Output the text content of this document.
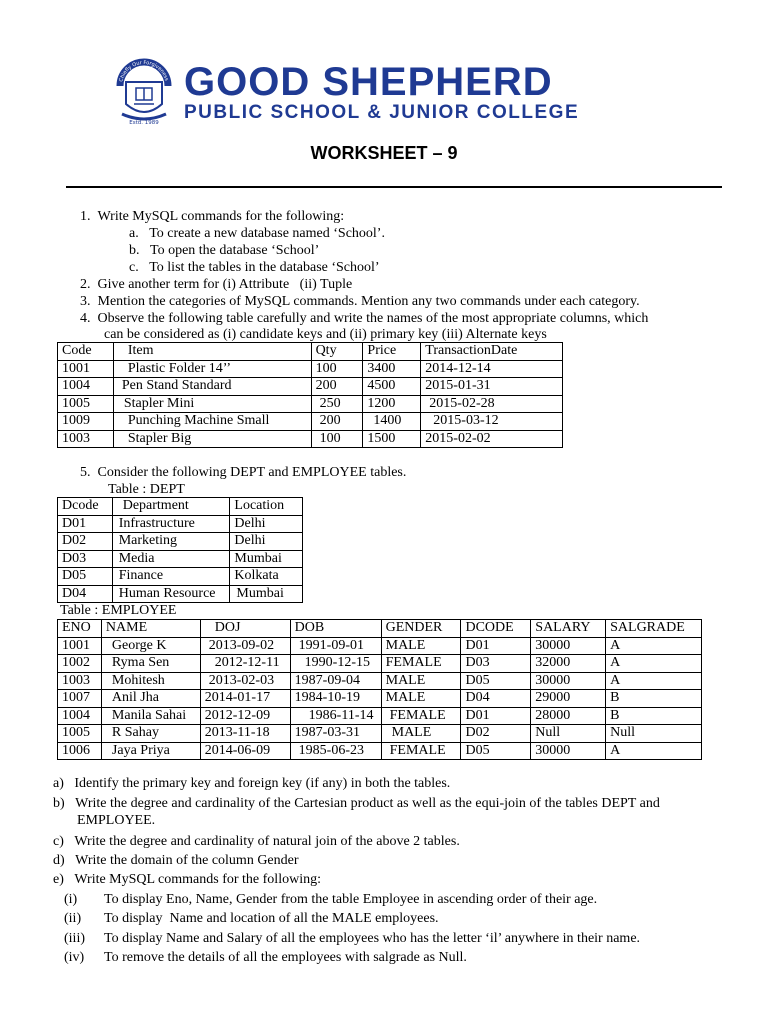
Chiefly Our Forgiveness
Estd. 1989
GOOD SHEPHERD
PUBLIC SCHOOL & JUNIOR COLLEGE
WORKSHEET – 9
1.  Write MySQL commands for the following:
a.   To create a new database named ‘School’.
b.   To open the database ‘School’
c.   To list the tables in the database ‘School’
2.  Give another term for (i) Attribute   (ii) Tuple
3.  Mention the categories of MySQL commands. Mention any two commands under each category.
4.  Observe the following table carefully and write the names of the most appropriate columns, which
can be considered as (i) candidate keys and (ii) primary key (iii) Alternate keys
Code	Item	Qty	Price	TransactionDate
1001	Plastic Folder 14’’	100	3400	2014-12-14
1004	Pen Stand Standard	200	4500	2015-01-31
1005	Stapler Mini	250	1200	2015-02-28
1009	Punching Machine Small	200	1400	2015-03-12
1003	Stapler Big	100	1500	2015-02-02
5.  Consider the following DEPT and EMPLOYEE tables.
Table : DEPT
Dcode	Department	Location
D01	Infrastructure	Delhi
D02	Marketing	Delhi
D03	Media	Mumbai
D05	Finance	Kolkata
D04	Human Resource	Mumbai
Table : EMPLOYEE
ENO	NAME	DOJ	DOB	GENDER	DCODE	SALARY	SALGRADE
1001	George K	2013-09-02	1991-09-01	MALE	D01	30000	A
1002	Ryma Sen	2012-12-11	1990-12-15	FEMALE	D03	32000	A
1003	Mohitesh	2013-02-03	1987-09-04	MALE	D05	30000	A
1007	Anil Jha	2014-01-17	1984-10-19	MALE	D04	29000	B
1004	Manila Sahai	2012-12-09	1986-11-14	FEMALE	D01	28000	B
1005	R Sahay	2013-11-18	1987-03-31	MALE	D02	Null	Null
1006	Jaya Priya	2014-06-09	1985-06-23	FEMALE	D05	30000	A
a)   Identify the primary key and foreign key (if any) in both the tables.
b)   Write the degree and cardinality of the Cartesian product as well as the equi-join of the tables DEPT and
EMPLOYEE.
c)   Write the degree and cardinality of natural join of the above 2 tables.
d)   Write the domain of the column Gender
e)   Write MySQL commands for the following:
(i) To display Eno, Name, Gender from the table Employee in ascending order of their age.
(ii) To display  Name and location of all the MALE employees.
(iii) To display Name and Salary of all the employees who has the letter ‘il’ anywhere in their name.
(iv) To remove the details of all the employees with salgrade as Null.
